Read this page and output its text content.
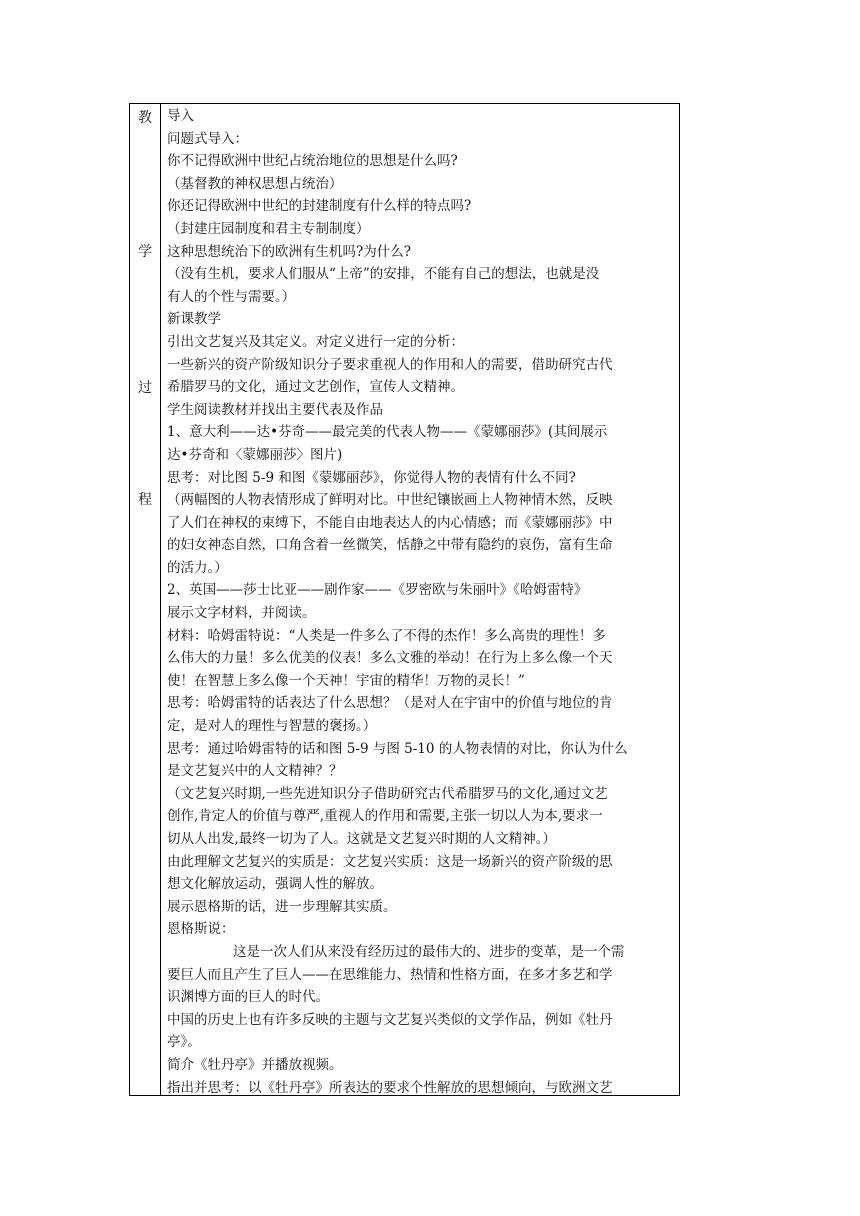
教
学
过
程
导入
问题式导入：
你不记得欧洲中世纪占统治地位的思想是什么吗?
（基督教的神权思想占统治）
你还记得欧洲中世纪的封建制度有什么样的特点吗?
（封建庄园制度和君主专制制度）
这种思想统治下的欧洲有生机吗?为什么?
（没有生机，要求人们服从“上帝”的安排，不能有自己的想法，也就是没
有人的个性与需要。）
新课教学
引出文艺复兴及其定义。对定义进行一定的分析：
一些新兴的资产阶级知识分子要求重视人的作用和人的需要，借助研究古代
希腊罗马的文化，通过文艺创作，宣传人文精神。
学生阅读教材并找出主要代表及作品
1、意大利——达•芬奇——最完美的代表人物——《蒙娜丽莎》(其间展示
达•芬奇和〈蒙娜丽莎〉图片)
思考：对比图 5-9 和图《蒙娜丽莎》，你觉得人物的表情有什么不同?
（两幅图的人物表情形成了鲜明对比。中世纪镶嵌画上人物神情木然，反映
了人们在神权的束缚下，不能自由地表达人的内心情感；而《蒙娜丽莎》中
的妇女神态自然，口角含着一丝微笑，恬静之中带有隐约的哀伤，富有生命
的活力。）
2、英国——莎士比亚——剧作家——《罗密欧与朱丽叶》《哈姆雷特》
展示文字材料，并阅读。
材料：哈姆雷特说：“人类是一件多么了不得的杰作！多么高贵的理性！多
么伟大的力量！多么优美的仪表！多么文雅的举动！在行为上多么像一个天
使！在智慧上多么像一个天神！宇宙的精华！万物的灵长！”
思考：哈姆雷特的话表达了什么思想？（是对人在宇宙中的价值与地位的肯
定，是对人的理性与智慧的褒扬。）
思考：通过哈姆雷特的话和图 5-9 与图 5-10 的人物表情的对比，你认为什么
是文艺复兴中的人文精神？？
（文艺复兴时期,一些先进知识分子借助研究古代希腊罗马的文化,通过文艺
创作,肯定人的价值与尊严,重视人的作用和需要,主张一切以人为本,要求一
切从人出发,最终一切为了人。这就是文艺复兴时期的人文精神。）
由此理解文艺复兴的实质是：文艺复兴实质：这是一场新兴的资产阶级的思
想文化解放运动，强调人性的解放。
展示恩格斯的话，进一步理解其实质。
恩格斯说：
这是一次人们从来没有经历过的最伟大的、进步的变革，是一个需
要巨人而且产生了巨人——在思维能力、热情和性格方面，在多才多艺和学
识渊博方面的巨人的时代。
中国的历史上也有许多反映的主题与文艺复兴类似的文学作品，例如《牡丹
亭》。
简介《牡丹亭》并播放视频。
指出并思考：以《牡丹亭》所表达的要求个性解放的思想倾向，与欧洲文艺
